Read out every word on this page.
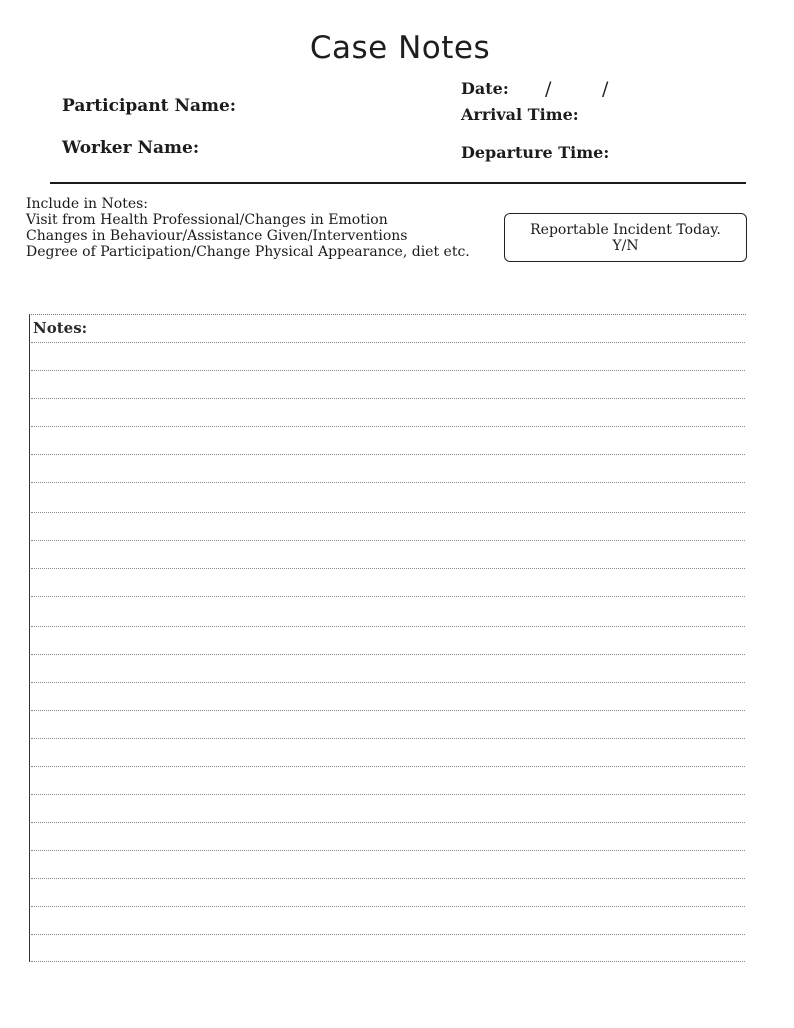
Case Notes
Participant Name:
Worker Name:
Date: /	/
Arrival Time:
Departure Time:
Include in Notes:
Visit from Health Professional/Changes in Emotion
Changes in Behaviour/Assistance Given/Interventions
Degree of Participation/Change Physical Appearance, diet etc.
Reportable Incident Today.
Y/N
Notes:
